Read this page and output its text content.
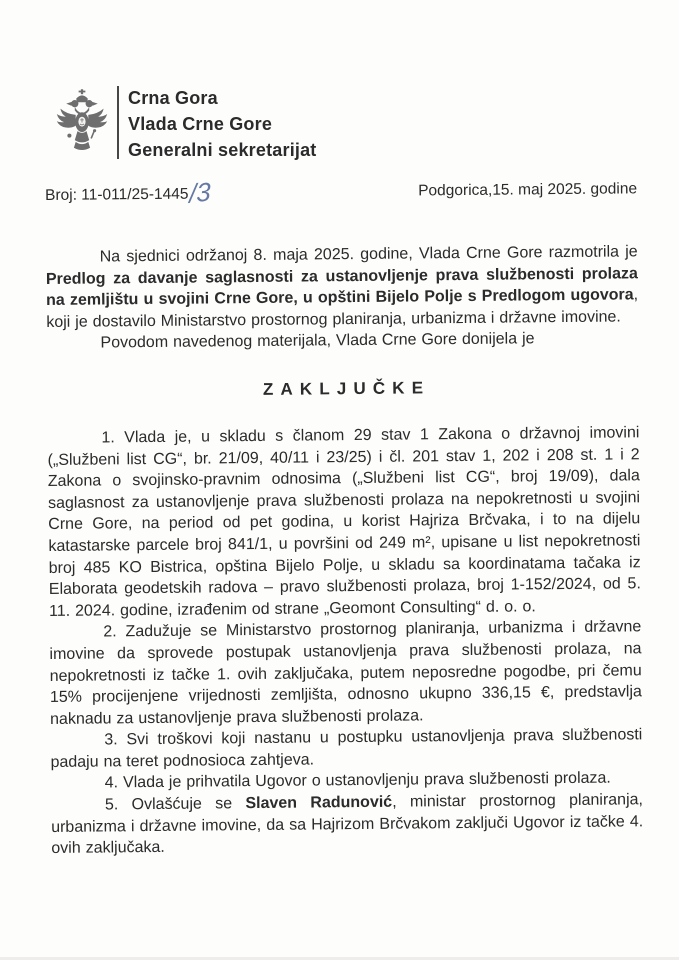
Crna Gora
Vlada Crne Gore
Generalni sekretarijat
Broj: 11-011/25-1445/3	Podgorica,15. maj 2025. godine

Na sjednici održanoj 8. maja 2025. godine, Vlada Crne Gore razmotrila je Predlog za davanje saglasnosti za ustanovljenje prava službenosti prolaza na zemljištu u svojini Crne Gore, u opštini Bijelo Polje s Predlogom ugovora, koji je dostavilo Ministarstvo prostornog planiranja, urbanizma i državne imovine.

Povodom navedenog materijala, Vlada Crne Gore donijela je

ZAKLJUČKE

1. Vlada je, u skladu s članom 29 stav 1 Zakona o državnoj imovini („Službeni list CG“, br. 21/09, 40/11 i 23/25) i čl. 201 stav 1, 202 i 208 st. 1 i 2 Zakona o svojinsko-pravnim odnosima („Službeni list CG“, broj 19/09), dala saglasnost za ustanovljenje prava službenosti prolaza na nepokretnosti u svojini Crne Gore, na period od pet godina, u korist Hajriza Brčvaka, i to na dijelu katastarske parcele broj 841/1, u površini od 249 m², upisane u list nepokretnosti broj 485 KO Bistrica, opština Bijelo Polje, u skladu sa koordinatama tačaka iz Elaborata geodetskih radova – pravo službenosti prolaza, broj 1-152/2024, od 5. 11. 2024. godine, izrađenim od strane „Geomont Consulting“ d. o. o.

2. Zadužuje se Ministarstvo prostornog planiranja, urbanizma i državne imovine da sprovede postupak ustanovljenja prava službenosti prolaza, na nepokretnosti iz tačke 1. ovih zaključaka, putem neposredne pogodbe, pri čemu 15% procijenjene vrijednosti zemljišta, odnosno ukupno 336,15 €, predstavlja naknadu za ustanovljenje prava službenosti prolaza.

3. Svi troškovi koji nastanu u postupku ustanovljenja prava službenosti padaju na teret podnosioca zahtjeva.

4. Vlada je prihvatila Ugovor o ustanovljenju prava službenosti prolaza.

5. Ovlašćuje se Slaven Radunović, ministar prostornog planiranja, urbanizma i državne imovine, da sa Hajrizom Brčvakom zaključi Ugovor iz tačke 4. ovih zaključaka.
